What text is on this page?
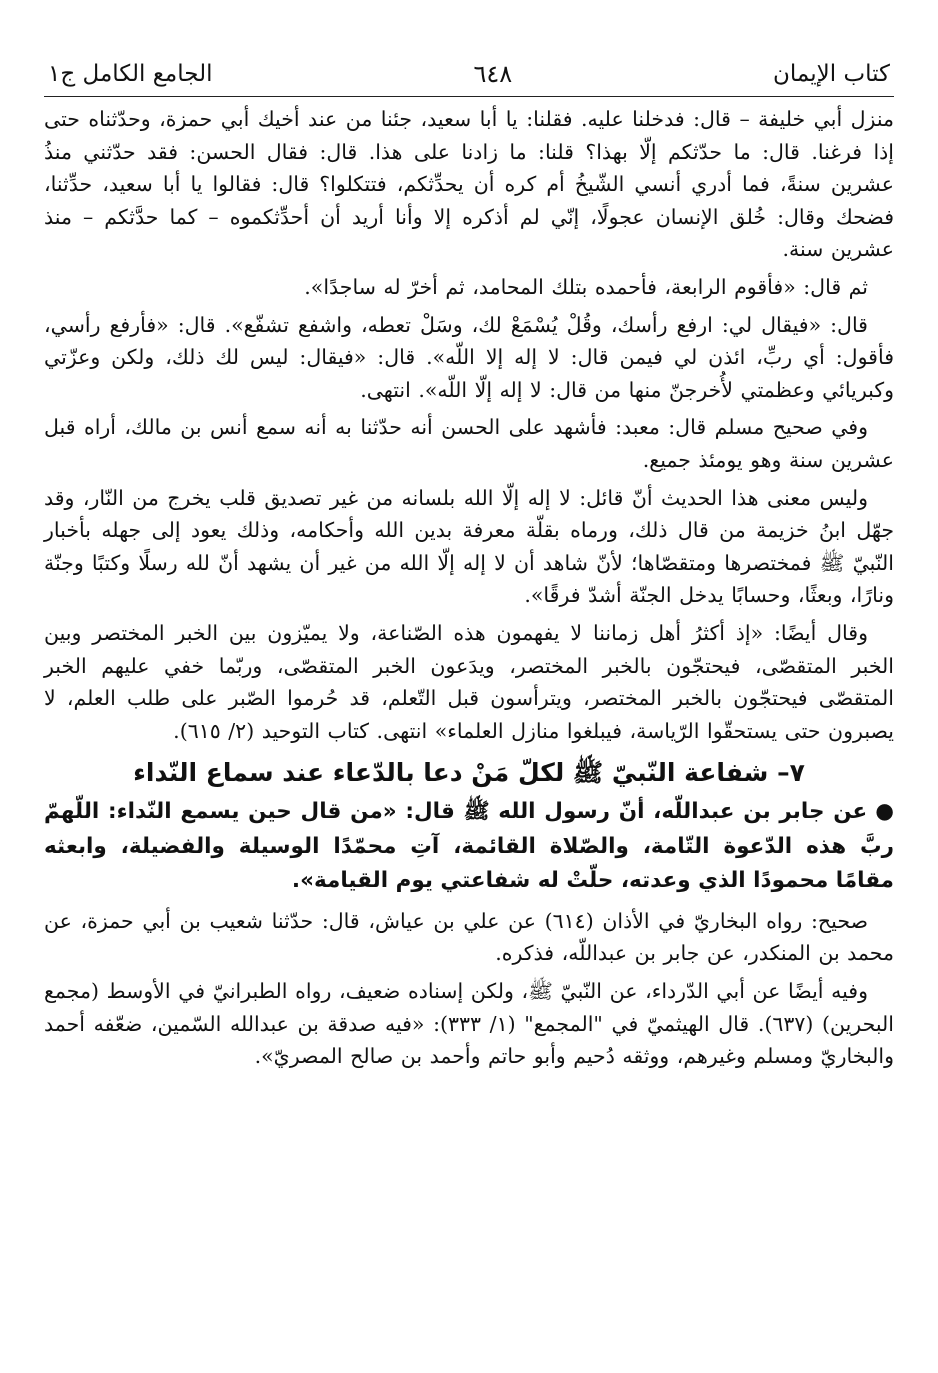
كتاب الإيمان
٦٤٨
الجامع الكامل ج١

منزل أبي خليفة – قال: فدخلنا عليه. فقلنا: يا أبا سعيد، جئنا من عند أخيك أبي حمزة، وحدّثناه حتى إذا فرغنا. قال: ما حدّثكم إلّا بهذا؟ قلنا: ما زادنا على هذا. قال: فقال الحسن: فقد حدّثني منذُ عشرين سنةً، فما أدري أنسي الشّيخُ أم كره أن يحدِّثكم، فتتكلوا؟ قال: فقالوا يا أبا سعيد، حدِّثنا، فضحك وقال: خُلق الإنسان عجولًا، إنّي لم أذكره إلا وأنا أريد أن أحدِّثكموه – كما حدَّثكم – منذ عشرين سنة.

ثم قال: «فأقوم الرابعة، فأحمده بتلك المحامد، ثم أخرّ له ساجدًا».

قال: «فيقال لي: ارفع رأسك، وقُلْ يُسْمَعْ لك، وسَلْ تعطه، واشفع تشفّع». قال: «فأرفع رأسي، فأقول: أي ربِّ، ائذن لي فيمن قال: لا إله إلا اللّه». قال: «فيقال: ليس لك ذلك، ولكن وعزّتي وكبريائي وعظمتي لأُخرجنّ منها من قال: لا إله إلّا اللّه». انتهى.

وفي صحيح مسلم قال: معبد: فأشهد على الحسن أنه حدّثنا به أنه سمع أنس بن مالك، أراه قبل عشرين سنة وهو يومئذ جميع.

وليس معنى هذا الحديث أنّ قائل: لا إله إلّا الله بلسانه من غير تصديق قلب يخرج من النّار، وقد جهّل ابنُ خزيمة من قال ذلك، ورماه بقلّة معرفة بدين الله وأحكامه، وذلك يعود إلى جهله بأخبار النّبيّ ﷺ فمختصرها ومتقصّاها؛ لأنّ شاهد أن لا إله إلّا الله من غير أن يشهد أنّ لله رسلًا وكتبًا وجنّة ونارًا، وبعثًا، وحسابًا يدخل الجنّة أشدّ فرقًا».

وقال أيضًا: «إذ أكثرُ أهل زماننا لا يفهمون هذه الصّناعة، ولا يميّزون بين الخبر المختصر وبين الخبر المتقصّى، فيحتجّون بالخبر المختصر، ويدَعون الخبر المتقصّى، وربّما خفي عليهم الخبر المتقصّى فيحتجّون بالخبر المختصر، ويترأسون قبل التّعلم، قد حُرموا الصّبر على طلب العلم، لا يصبرون حتى يستحقّوا الرّياسة، فيبلغوا منازل العلماء» انتهى. كتاب التوحيد (٢/ ٦١٥).

٧– شفاعة النّبيّ ﷺ لكلّ مَنْ دعا بالدّعاء عند سماع النّداء

●عن جابر بن عبداللّه، أنّ رسول الله ﷺ قال: «من قال حين يسمع النّداء: اللّهمّ ربَّ هذه الدّعوة التّامة، والصّلاة القائمة، آتِ محمّدًا الوسيلة والفضيلة، وابعثه مقامًا محمودًا الذي وعدته، حلّتْ له شفاعتي يوم القيامة».

صحيح: رواه البخاريّ في الأذان (٦١٤) عن علي بن عياش، قال: حدّثنا شعيب بن أبي حمزة، عن محمد بن المنكدر، عن جابر بن عبداللّه، فذكره.

وفيه أيضًا عن أبي الدّرداء، عن النّبيّ ﷺ، ولكن إسناده ضعيف، رواه الطبرانيّ في الأوسط (مجمع البحرين) (٦٣٧). قال الهيثميّ في "المجمع" (١/ ٣٣٣): «فيه صدقة بن عبدالله السّمين، ضعّفه أحمد والبخاريّ ومسلم وغيرهم، ووثقه دُحيم وأبو حاتم وأحمد بن صالح المصريّ».
